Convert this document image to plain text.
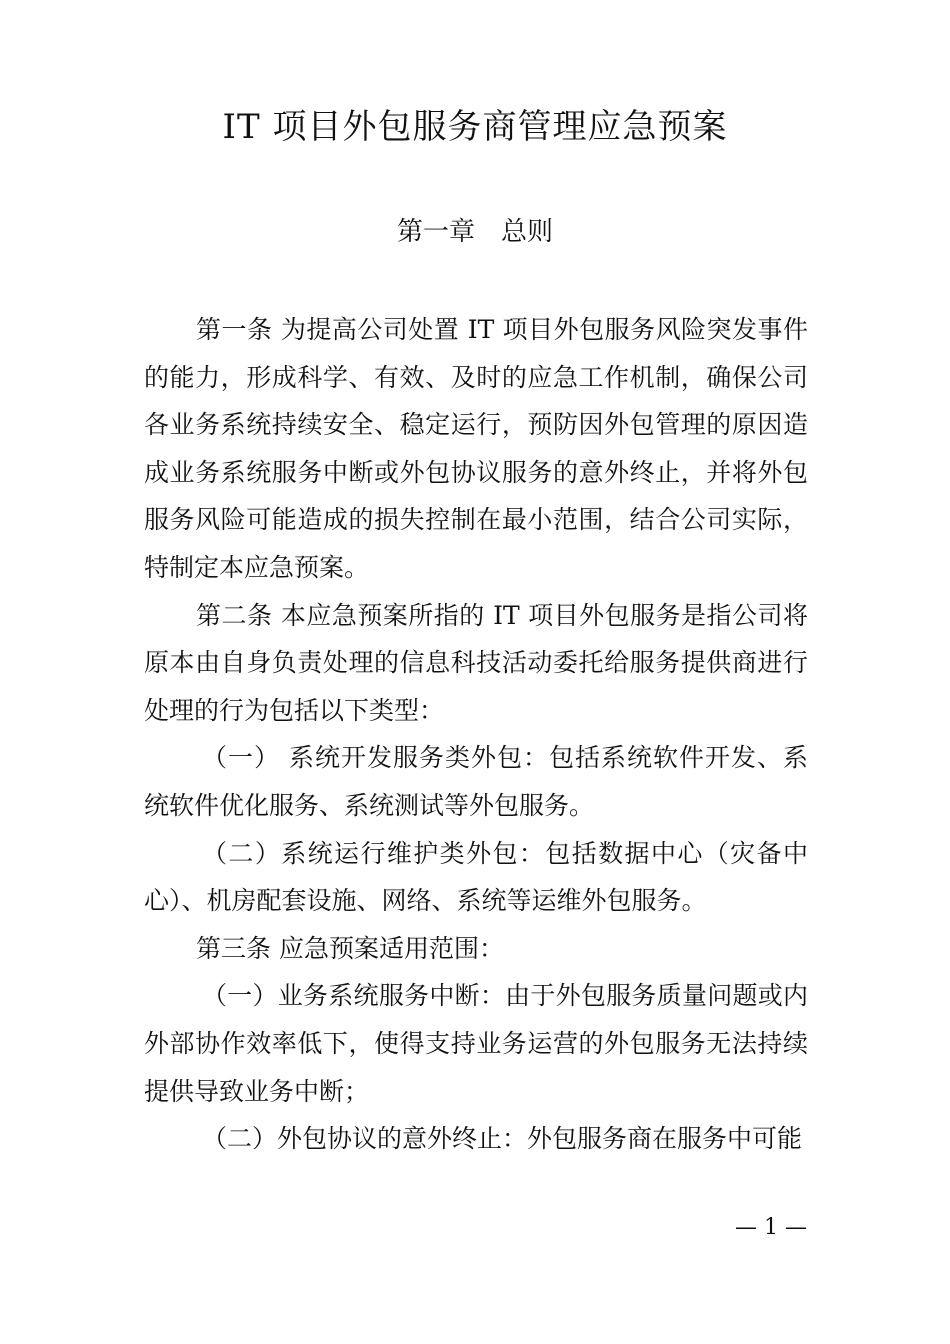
IT 项目外包服务商管理应急预案
第一章　总则

第一条 为提高公司处置 IT 项目外包服务风险突发事件的能力，形成科学、有效、及时的应急工作机制，确保公司各业务系统持续安全、稳定运行，预防因外包管理的原因造成业务系统服务中断或外包协议服务的意外终止，并将外包服务风险可能造成的损失控制在最小范围，结合公司实际，特制定本应急预案。

第二条 本应急预案所指的 IT 项目外包服务是指公司将原本由自身负责处理的信息科技活动委托给服务提供商进行处理的行为包括以下类型：

（一） 系统开发服务类外包：包括系统软件开发、系统软件优化服务、系统测试等外包服务。

（二）系统运行维护类外包：包括数据中心（灾备中心）、机房配套设施、网络、系统等运维外包服务。

第三条 应急预案适用范围：

（一）业务系统服务中断：由于外包服务质量问题或内外部协作效率低下，使得支持业务运营的外包服务无法持续提供导致业务中断；

（二）外包协议的意外终止：外包服务商在服务中可能

— 1 —
